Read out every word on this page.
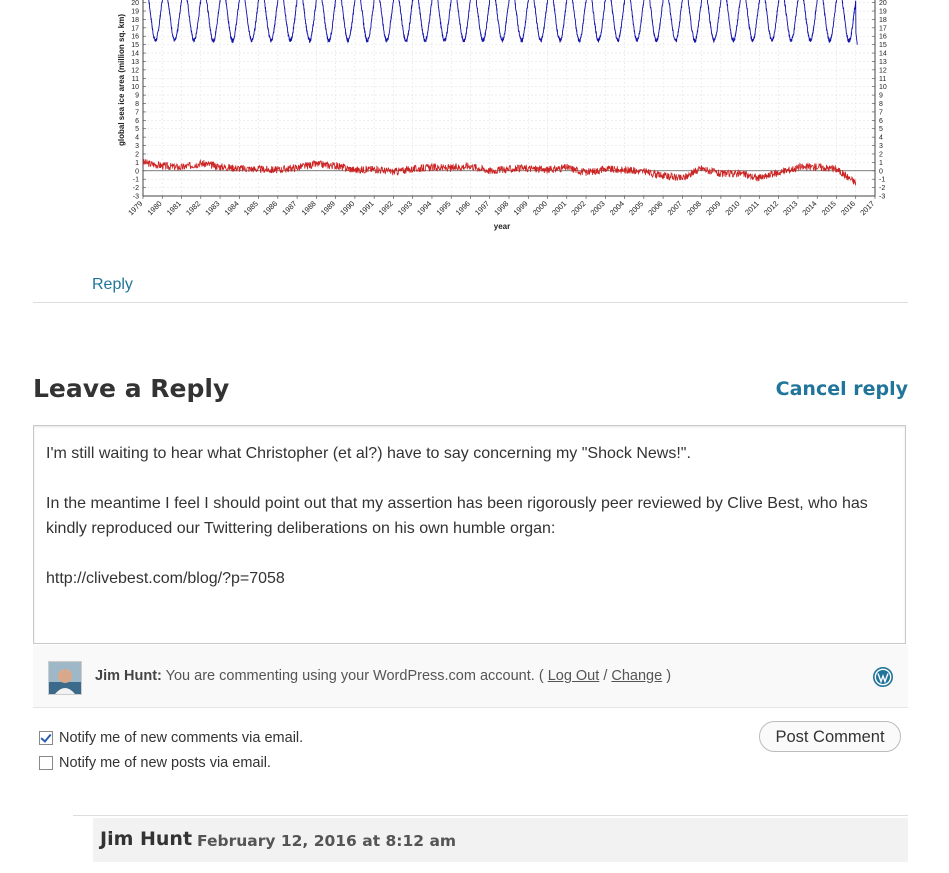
-3	-3
-2	-2
-1	-1
0	0
1	1
2	2
3	3
4	4
5	5
6	6
7	7
8	8
9	9
10	10
11	11
12	12
13	13
14	14
15	15
16	16
17	17
18	18
19	19
20	20
1979 1980 1981 1982 1983 1984 1985 1986 1987 1988 1989 1990 1991 1992 1993 1994 1995 1996 1997 1998 1999 2000 2001 2002 2003 2004 2005 2006 2007 2008 2009 2010 2011 2012 2013 2014 2015 2016 2017
year
global sea ice area (million sq. km)
Reply
Leave a Reply	Cancel reply

I'm still waiting to hear what Christopher (et al?) have to say concerning my "Shock News!".

In the meantime I feel I should point out that my assertion has been rigorously peer reviewed by Clive Best, who has kindly reproduced our Twittering deliberations on his own humble organ:

http://clivebest.com/blog/?p=7058

Jim Hunt: You are commenting using your WordPress.com account. ( Log Out / Change )
Notify me of new comments via email.
Notify me of new posts via email.
Post Comment
Jim Hunt February 12, 2016 at 8:12 am
